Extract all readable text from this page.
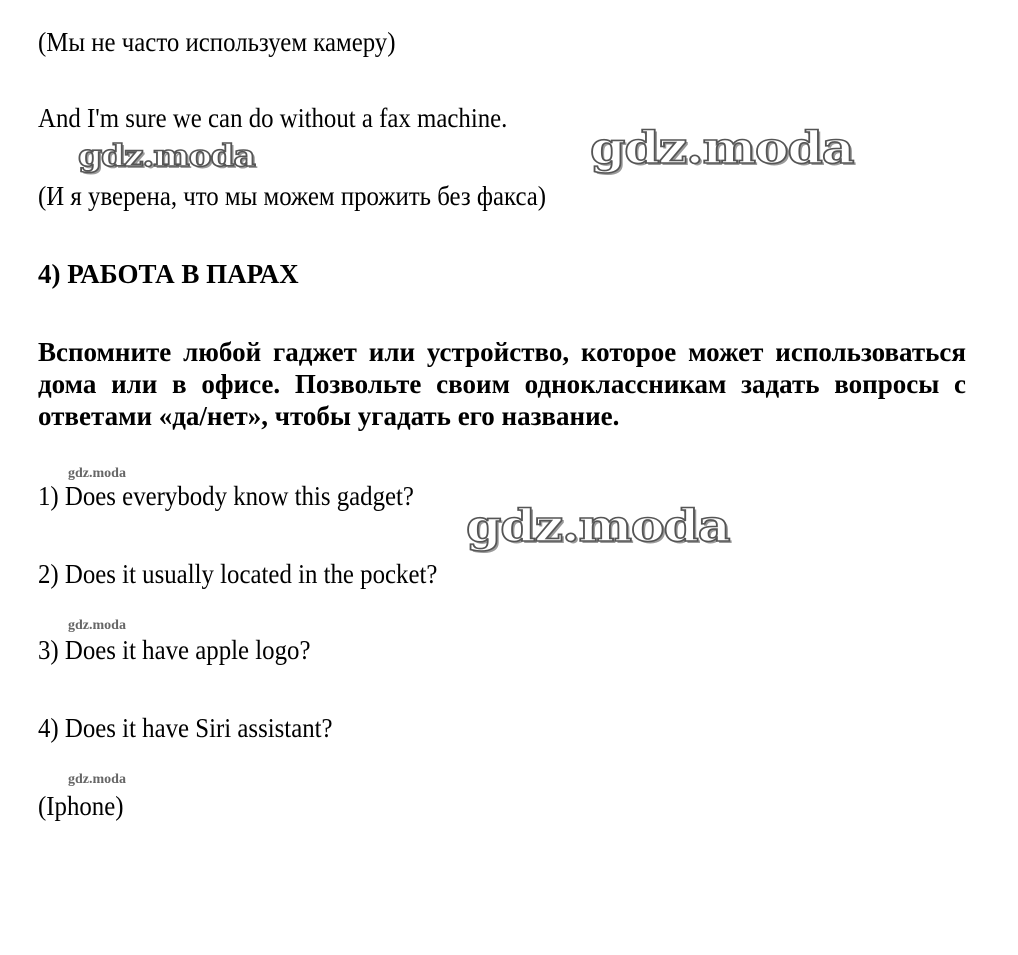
(Мы не часто используем камеру)
And I'm sure we can do without a fax machine.
gdz.moda	gdz.moda
(И я уверена, что мы можем прожить без факса)
4) РАБОТА В ПАРАХ
Вспомните любой гаджет или устройство, которое может использоваться дома или в офисе. Позвольте своим одноклассникам задать вопросы с ответами «да/нет», чтобы угадать его название.
gdz.moda
1) Does everybody know this gadget?
gdz.moda
2) Does it usually located in the pocket?
gdz.moda
3) Does it have apple logo?
4) Does it have Siri assistant?
gdz.moda
(Iphone)
